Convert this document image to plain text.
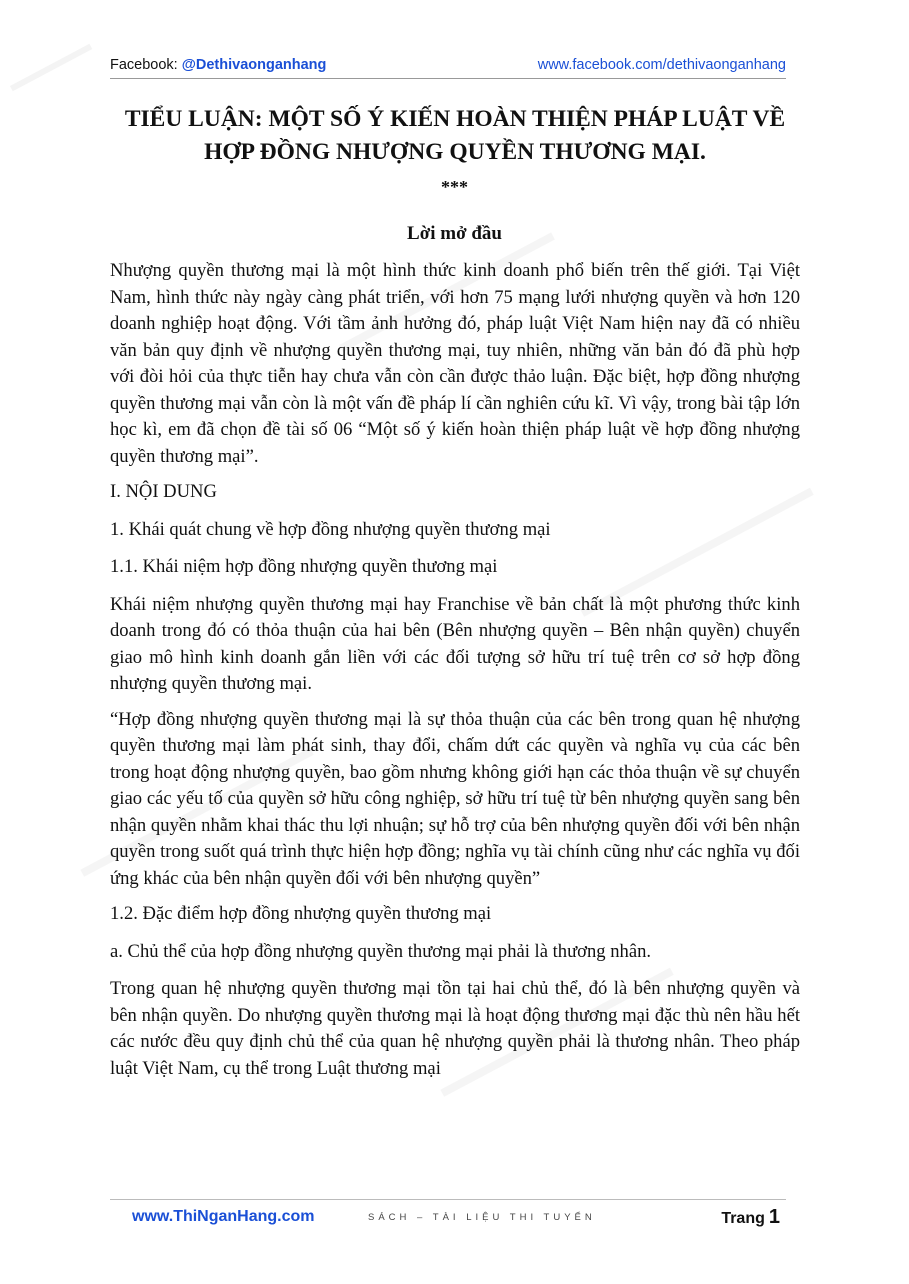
Facebook: @Dethivaonganhang	www.facebook.com/dethivaonganhang
TIỂU LUẬN: MỘT SỐ Ý KIẾN HOÀN THIỆN PHÁP LUẬT VỀ HỢP ĐỒNG NHƯỢNG QUYỀN THƯƠNG MẠI.
***
Lời mở đầu

Nhượng quyền thương mại là một hình thức kinh doanh phổ biến trên thế giới. Tại Việt Nam, hình thức này ngày càng phát triển, với hơn 75 mạng lưới nhượng quyền và hơn 120 doanh nghiệp hoạt động. Với tầm ảnh hưởng đó, pháp luật Việt Nam hiện nay đã có nhiều văn bản quy định về nhượng quyền thương mại, tuy nhiên, những văn bản đó đã phù hợp với đòi hỏi của thực tiễn hay chưa vẫn còn cần được thảo luận. Đặc biệt, hợp đồng nhượng quyền thương mại vẫn còn là một vấn đề pháp lí cần nghiên cứu kĩ. Vì vậy, trong bài tập lớn học kì, em đã chọn đề tài số 06 “Một số ý kiến hoàn thiện pháp luật về hợp đồng nhượng quyền thương mại”.

I. NỘI DUNG

1. Khái quát chung về hợp đồng nhượng quyền thương mại

1.1. Khái niệm hợp đồng nhượng quyền thương mại

Khái niệm nhượng quyền thương mại hay Franchise về bản chất là một phương thức kinh doanh trong đó có thỏa thuận của hai bên (Bên nhượng quyền – Bên nhận quyền) chuyển giao mô hình kinh doanh gắn liền với các đối tượng sở hữu trí tuệ trên cơ sở hợp đồng nhượng quyền thương mại.

“Hợp đồng nhượng quyền thương mại là sự thỏa thuận của các bên trong quan hệ nhượng quyền thương mại làm phát sinh, thay đổi, chấm dứt các quyền và nghĩa vụ của các bên trong hoạt động nhượng quyền, bao gồm nhưng không giới hạn các thỏa thuận về sự chuyển giao các yếu tố của quyền sở hữu công nghiệp, sở hữu trí tuệ từ bên nhượng quyền sang bên nhận quyền nhằm khai thác thu lợi nhuận; sự hỗ trợ của bên nhượng quyền đối với bên nhận quyền trong suốt quá trình thực hiện hợp đồng; nghĩa vụ tài chính cũng như các nghĩa vụ đối ứng khác của bên nhận quyền đối với bên nhượng quyền”

1.2. Đặc điểm hợp đồng nhượng quyền thương mại

a. Chủ thể của hợp đồng nhượng quyền thương mại phải là thương nhân.

Trong quan hệ nhượng quyền thương mại tồn tại hai chủ thể, đó là bên nhượng quyền và bên nhận quyền. Do nhượng quyền thương mại là hoạt động thương mại đặc thù nên hầu hết các nước đều quy định chủ thể của quan hệ nhượng quyền phải là thương nhân. Theo pháp luật Việt Nam, cụ thể trong Luật thương mại

www.ThiNganHang.com	SÁCH – TÀI LIỆU THI TUYỂN	Trang 1
